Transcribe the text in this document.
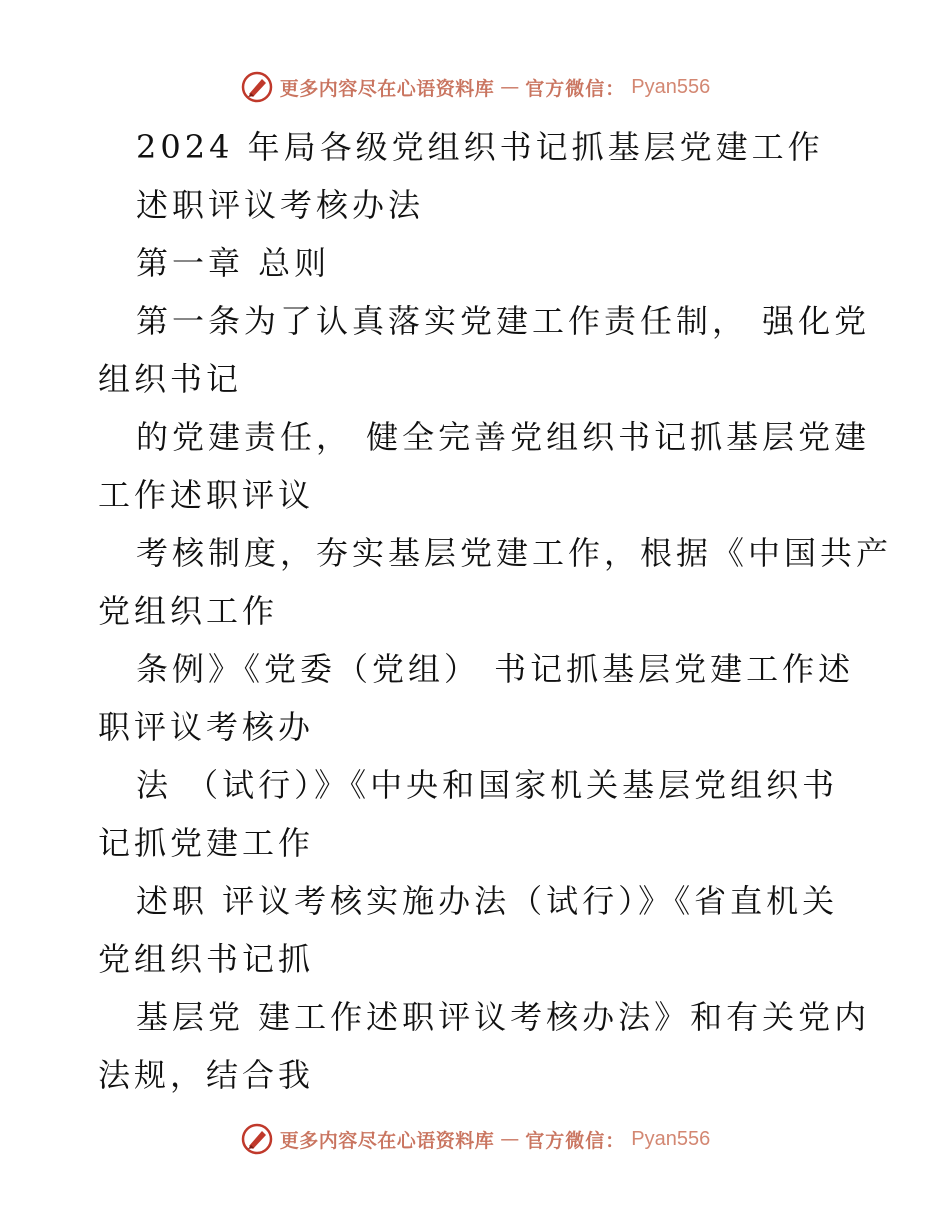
更多内容尽在心语资料库 — 官方微信： Pyan556
2024 年局各级党组织书记抓基层党建工作
述职评议考核办法
第一章 总则
第一条为了认真落实党建工作责任制， 强化党
组织书记
的党建责任， 健全完善党组织书记抓基层党建
工作述职评议
考核制度，夯实基层党建工作，根据《中国共产
党组织工作
条例》《党委（党组） 书记抓基层党建工作述
职评议考核办
法 （试行）》《中央和国家机关基层党组织书
记抓党建工作
述职 评议考核实施办法（试行）》《省直机关
党组织书记抓
基层党 建工作述职评议考核办法》和有关党内
法规，结合我
更多内容尽在心语资料库 — 官方微信： Pyan556
